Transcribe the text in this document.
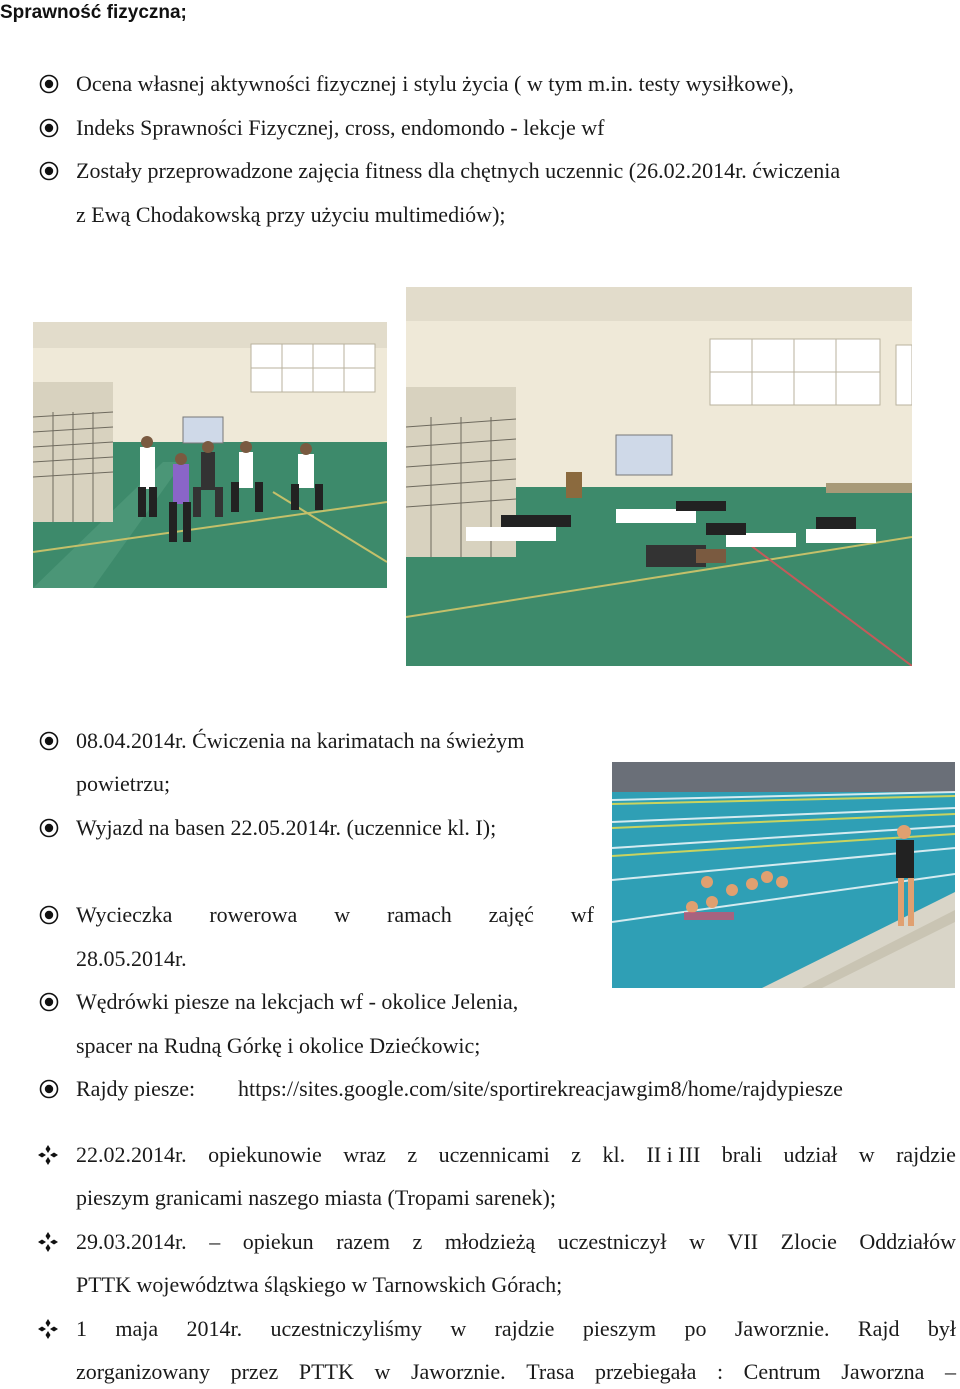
Sprawność fizyczna;
Ocena własnej aktywności fizycznej i stylu życia ( w tym m.in. testy wysiłkowe),
Indeks Sprawności Fizycznej, cross, endomondo - lekcje wf
Zostały przeprowadzone zajęcia fitness dla chętnych uczennic (26.02.2014r. ćwiczenia
z Ewą Chodakowską przy użyciu multimediów);
08.04.2014r. Ćwiczenia na karimatach na świeżym
powietrzu;
Wyjazd na basen 22.05.2014r. (uczennice kl. I);
Wycieczka rowerowa w ramach zajęć wf
28.05.2014r.
Wędrówki piesze na lekcjach wf - okolice Jelenia,
spacer na Rudną Górkę i okolice Dziećkowic;
Rajdy piesze: https://sites.google.com/site/sportirekreacjawgim8/home/rajdypiesze
22.02.2014r. opiekunowie wraz z uczennicami z kl. II i III brali udział w rajdzie
pieszym granicami naszego miasta (Tropami sarenek);
29.03.2014r. – opiekun razem z młodzieżą uczestniczył w VII Zlocie Oddziałów
PTTK województwa śląskiego w Tarnowskich Górach;
1 maja 2014r. uczestniczyliśmy w rajdzie pieszym po Jaworznie. Rajd był
zorganizowany przez PTTK w Jaworznie. Trasa przebiegała : Centrum Jaworzna –
